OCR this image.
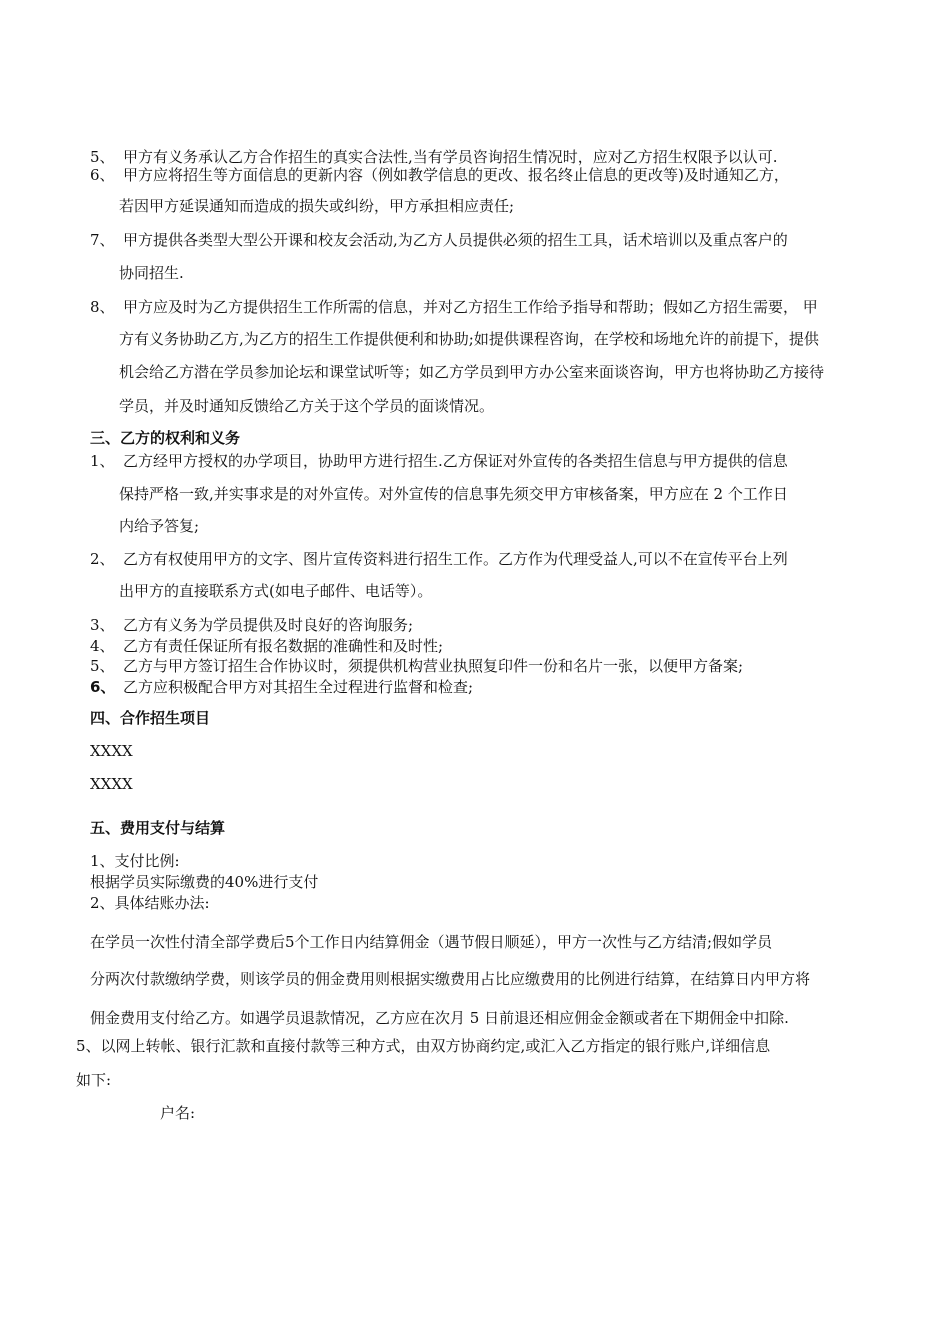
5、 甲方有义务承认乙方合作招生的真实合法性,当有学员咨询招生情况时，应对乙方招生权限予以认可.
6、 甲方应将招生等方面信息的更新内容（例如教学信息的更改、报名终止信息的更改等)及时通知乙方，
若因甲方延误通知而造成的损失或纠纷，甲方承担相应责任;
7、 甲方提供各类型大型公开课和校友会活动,为乙方人员提供必须的招生工具，话术培训以及重点客户的
协同招生.
8、 甲方应及时为乙方提供招生工作所需的信息，并对乙方招生工作给予指导和帮助；假如乙方招生需要， 甲
方有义务协助乙方,为乙方的招生工作提供便利和协助;如提供课程咨询，在学校和场地允许的前提下，提供
机会给乙方潜在学员参加论坛和课堂试听等；如乙方学员到甲方办公室来面谈咨询，甲方也将协助乙方接待
学员，并及时通知反馈给乙方关于这个学员的面谈情况。
三、乙方的权利和义务
1、 乙方经甲方授权的办学项目，协助甲方进行招生.乙方保证对外宣传的各类招生信息与甲方提供的信息
保持严格一致,并实事求是的对外宣传。对外宣传的信息事先须交甲方审核备案，甲方应在 2 个工作日
内给予答复;
2、 乙方有权使用甲方的文字、图片宣传资料进行招生工作。乙方作为代理受益人,可以不在宣传平台上列
出甲方的直接联系方式(如电子邮件、电话等）。
3、 乙方有义务为学员提供及时良好的咨询服务;
4、 乙方有责任保证所有报名数据的准确性和及时性;
5、 乙方与甲方签订招生合作协议时，须提供机构营业执照复印件一份和名片一张，以便甲方备案;
6、 乙方应积极配合甲方对其招生全过程进行监督和检查;
四、合作招生项目
XXXX
XXXX
五、费用支付与结算
1、支付比例:
根据学员实际缴费的40%进行支付
2、具体结账办法:
在学员一次性付清全部学费后5个工作日内结算佣金（遇节假日顺延），甲方一次性与乙方结清;假如学员
分两次付款缴纳学费，则该学员的佣金费用则根据实缴费用占比应缴费用的比例进行结算，在结算日内甲方将
佣金费用支付给乙方。如遇学员退款情况，乙方应在次月 5 日前退还相应佣金金额或者在下期佣金中扣除.
5、以网上转帐、银行汇款和直接付款等三种方式，由双方协商约定,或汇入乙方指定的银行账户,详细信息
如下:
户名:
